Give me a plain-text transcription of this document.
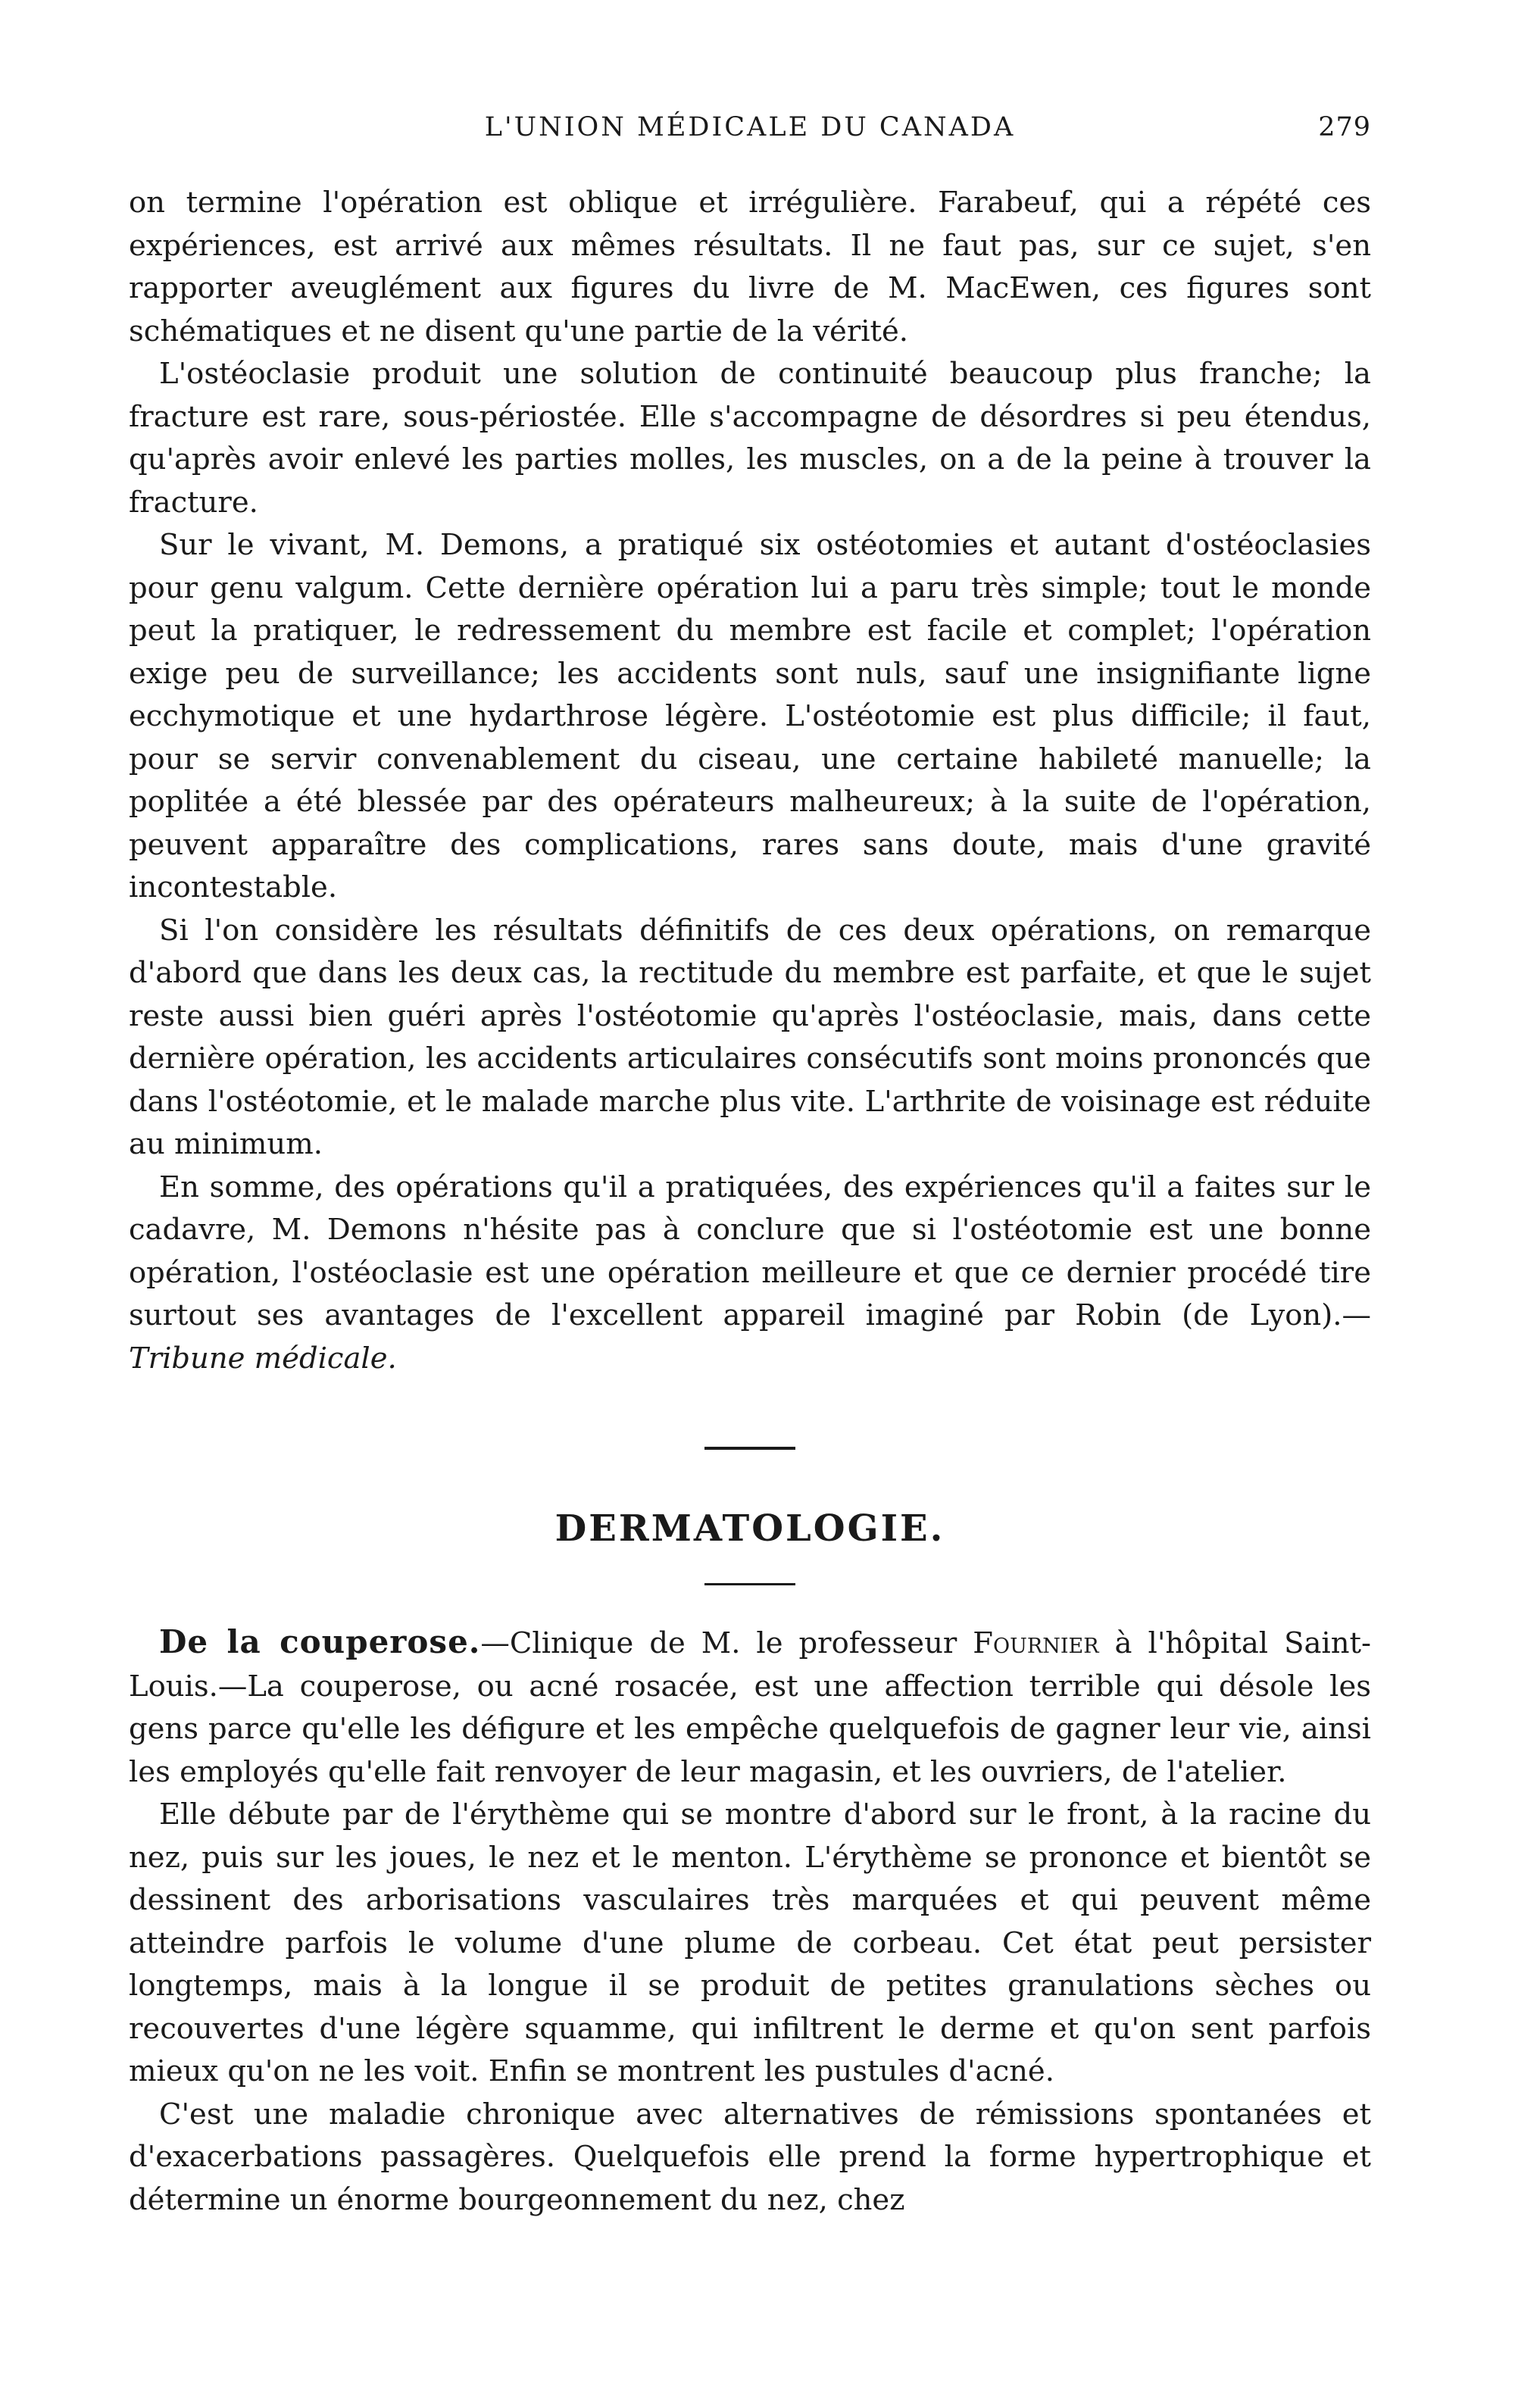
L'UNION MÉDICALE DU CANADA	279

on termine l'opération est oblique et irrégulière. Farabeuf, qui a répété ces expériences, est arrivé aux mêmes résultats. Il ne faut pas, sur ce sujet, s'en rapporter aveuglément aux figures du livre de M. MacEwen, ces figures sont schématiques et ne disent qu'une partie de la vérité.

L'ostéoclasie produit une solution de continuité beaucoup plus franche; la fracture est rare, sous-périostée. Elle s'accompagne de désordres si peu étendus, qu'après avoir enlevé les parties molles, les muscles, on a de la peine à trouver la fracture.

Sur le vivant, M. Demons, a pratiqué six ostéotomies et autant d'ostéoclasies pour genu valgum. Cette dernière opération lui a paru très simple; tout le monde peut la pratiquer, le redressement du membre est facile et complet; l'opération exige peu de surveillance; les accidents sont nuls, sauf une insignifiante ligne ecchymotique et une hydarthrose légère. L'ostéotomie est plus difficile; il faut, pour se servir convenablement du ciseau, une certaine habileté manuelle; la poplitée a été blessée par des opérateurs malheureux; à la suite de l'opération, peuvent apparaître des complications, rares sans doute, mais d'une gravité incontestable.

Si l'on considère les résultats définitifs de ces deux opérations, on remarque d'abord que dans les deux cas, la rectitude du membre est parfaite, et que le sujet reste aussi bien guéri après l'ostéotomie qu'après l'ostéoclasie, mais, dans cette dernière opération, les accidents articulaires consécutifs sont moins prononcés que dans l'ostéotomie, et le malade marche plus vite. L'arthrite de voisinage est réduite au minimum.

En somme, des opérations qu'il a pratiquées, des expériences qu'il a faites sur le cadavre, M. Demons n'hésite pas à conclure que si l'ostéotomie est une bonne opération, l'ostéoclasie est une opération meilleure et que ce dernier procédé tire surtout ses avantages de l'excellent appareil imaginé par Robin (de Lyon).—Tribune médicale.

DERMATOLOGIE.

De la couperose.—Clinique de M. le professeur Fournier à l'hôpital Saint-Louis.—La couperose, ou acné rosacée, est une affection terrible qui désole les gens parce qu'elle les défigure et les empêche quelquefois de gagner leur vie, ainsi les employés qu'elle fait renvoyer de leur magasin, et les ouvriers, de l'atelier.

Elle débute par de l'érythème qui se montre d'abord sur le front, à la racine du nez, puis sur les joues, le nez et le menton. L'érythème se prononce et bientôt se dessinent des arborisations vasculaires très marquées et qui peuvent même atteindre parfois le volume d'une plume de corbeau. Cet état peut persister longtemps, mais à la longue il se produit de petites granulations sèches ou recouvertes d'une légère squamme, qui infiltrent le derme et qu'on sent parfois mieux qu'on ne les voit. Enfin se montrent les pustules d'acné.

C'est une maladie chronique avec alternatives de rémissions spontanées et d'exacerbations passagères. Quelquefois elle prend la forme hypertrophique et détermine un énorme bourgeonnement du nez, chez
